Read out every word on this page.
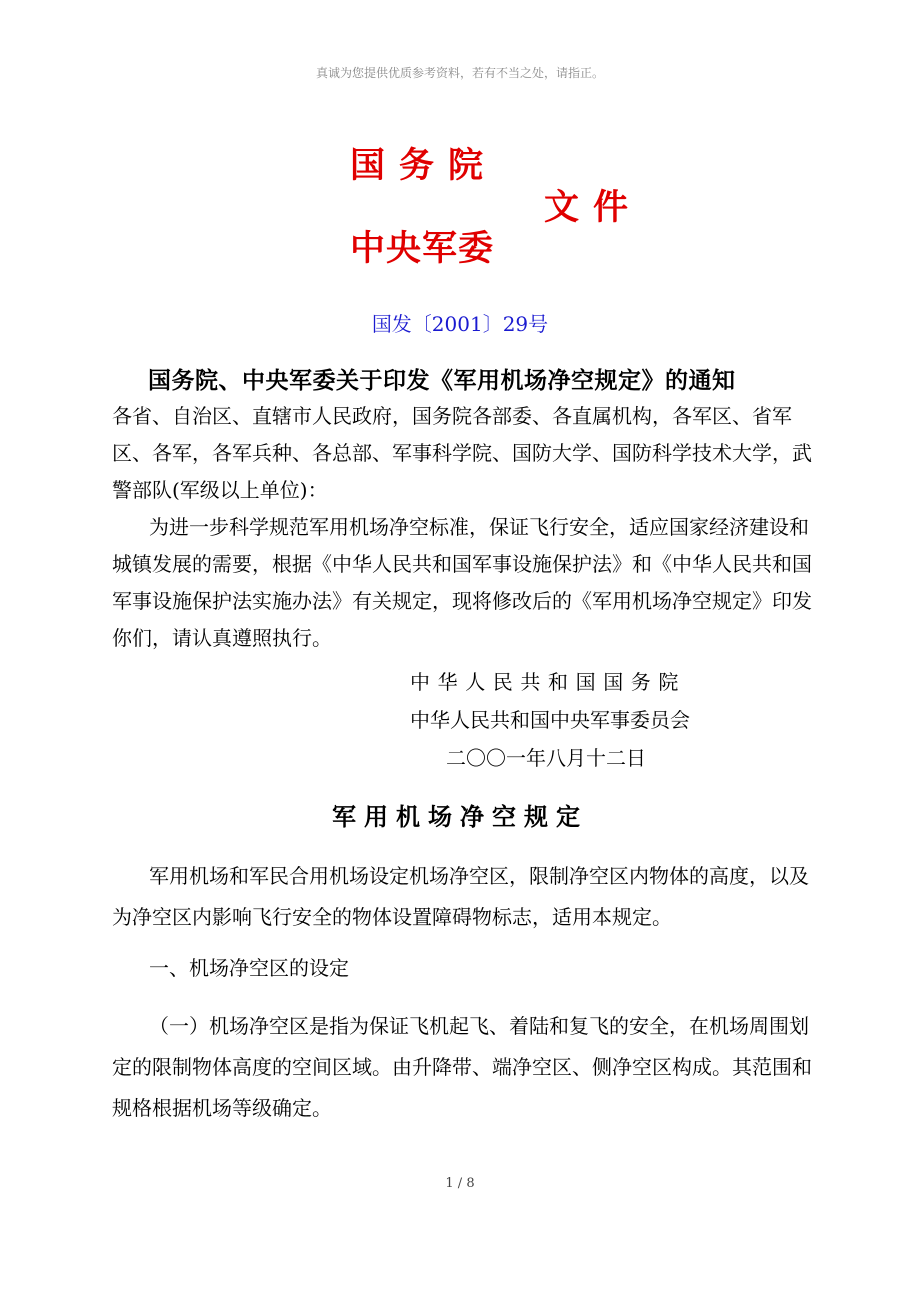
真诚为您提供优质参考资料，若有不当之处，请指正。
国务院
文件
中央军委
国发〔2001〕29号
国务院、中央军委关于印发《军用机场净空规定》的通知
各省、自治区、直辖市人民政府，国务院各部委、各直属机构，各军区、省军区、各军，各军兵种、各总部、军事科学院、国防大学、国防科学技术大学，武警部队(军级以上单位)：
为进一步科学规范军用机场净空标准，保证飞行安全，适应国家经济建设和城镇发展的需要，根据《中华人民共和国军事设施保护法》和《中华人民共和国军事设施保护法实施办法》有关规定，现将修改后的《军用机场净空规定》印发你们，请认真遵照执行。
中华人民共和国国务院
中华人民共和国中央军事委员会
二〇〇一年八月十二日
军用机场净空规定
军用机场和军民合用机场设定机场净空区，限制净空区内物体的高度，以及为净空区内影响飞行安全的物体设置障碍物标志，适用本规定。
一、机场净空区的设定
（一）机场净空区是指为保证飞机起飞、着陆和复飞的安全，在机场周围划定的限制物体高度的空间区域。由升降带、端净空区、侧净空区构成。其范围和规格根据机场等级确定。
1 / 8
